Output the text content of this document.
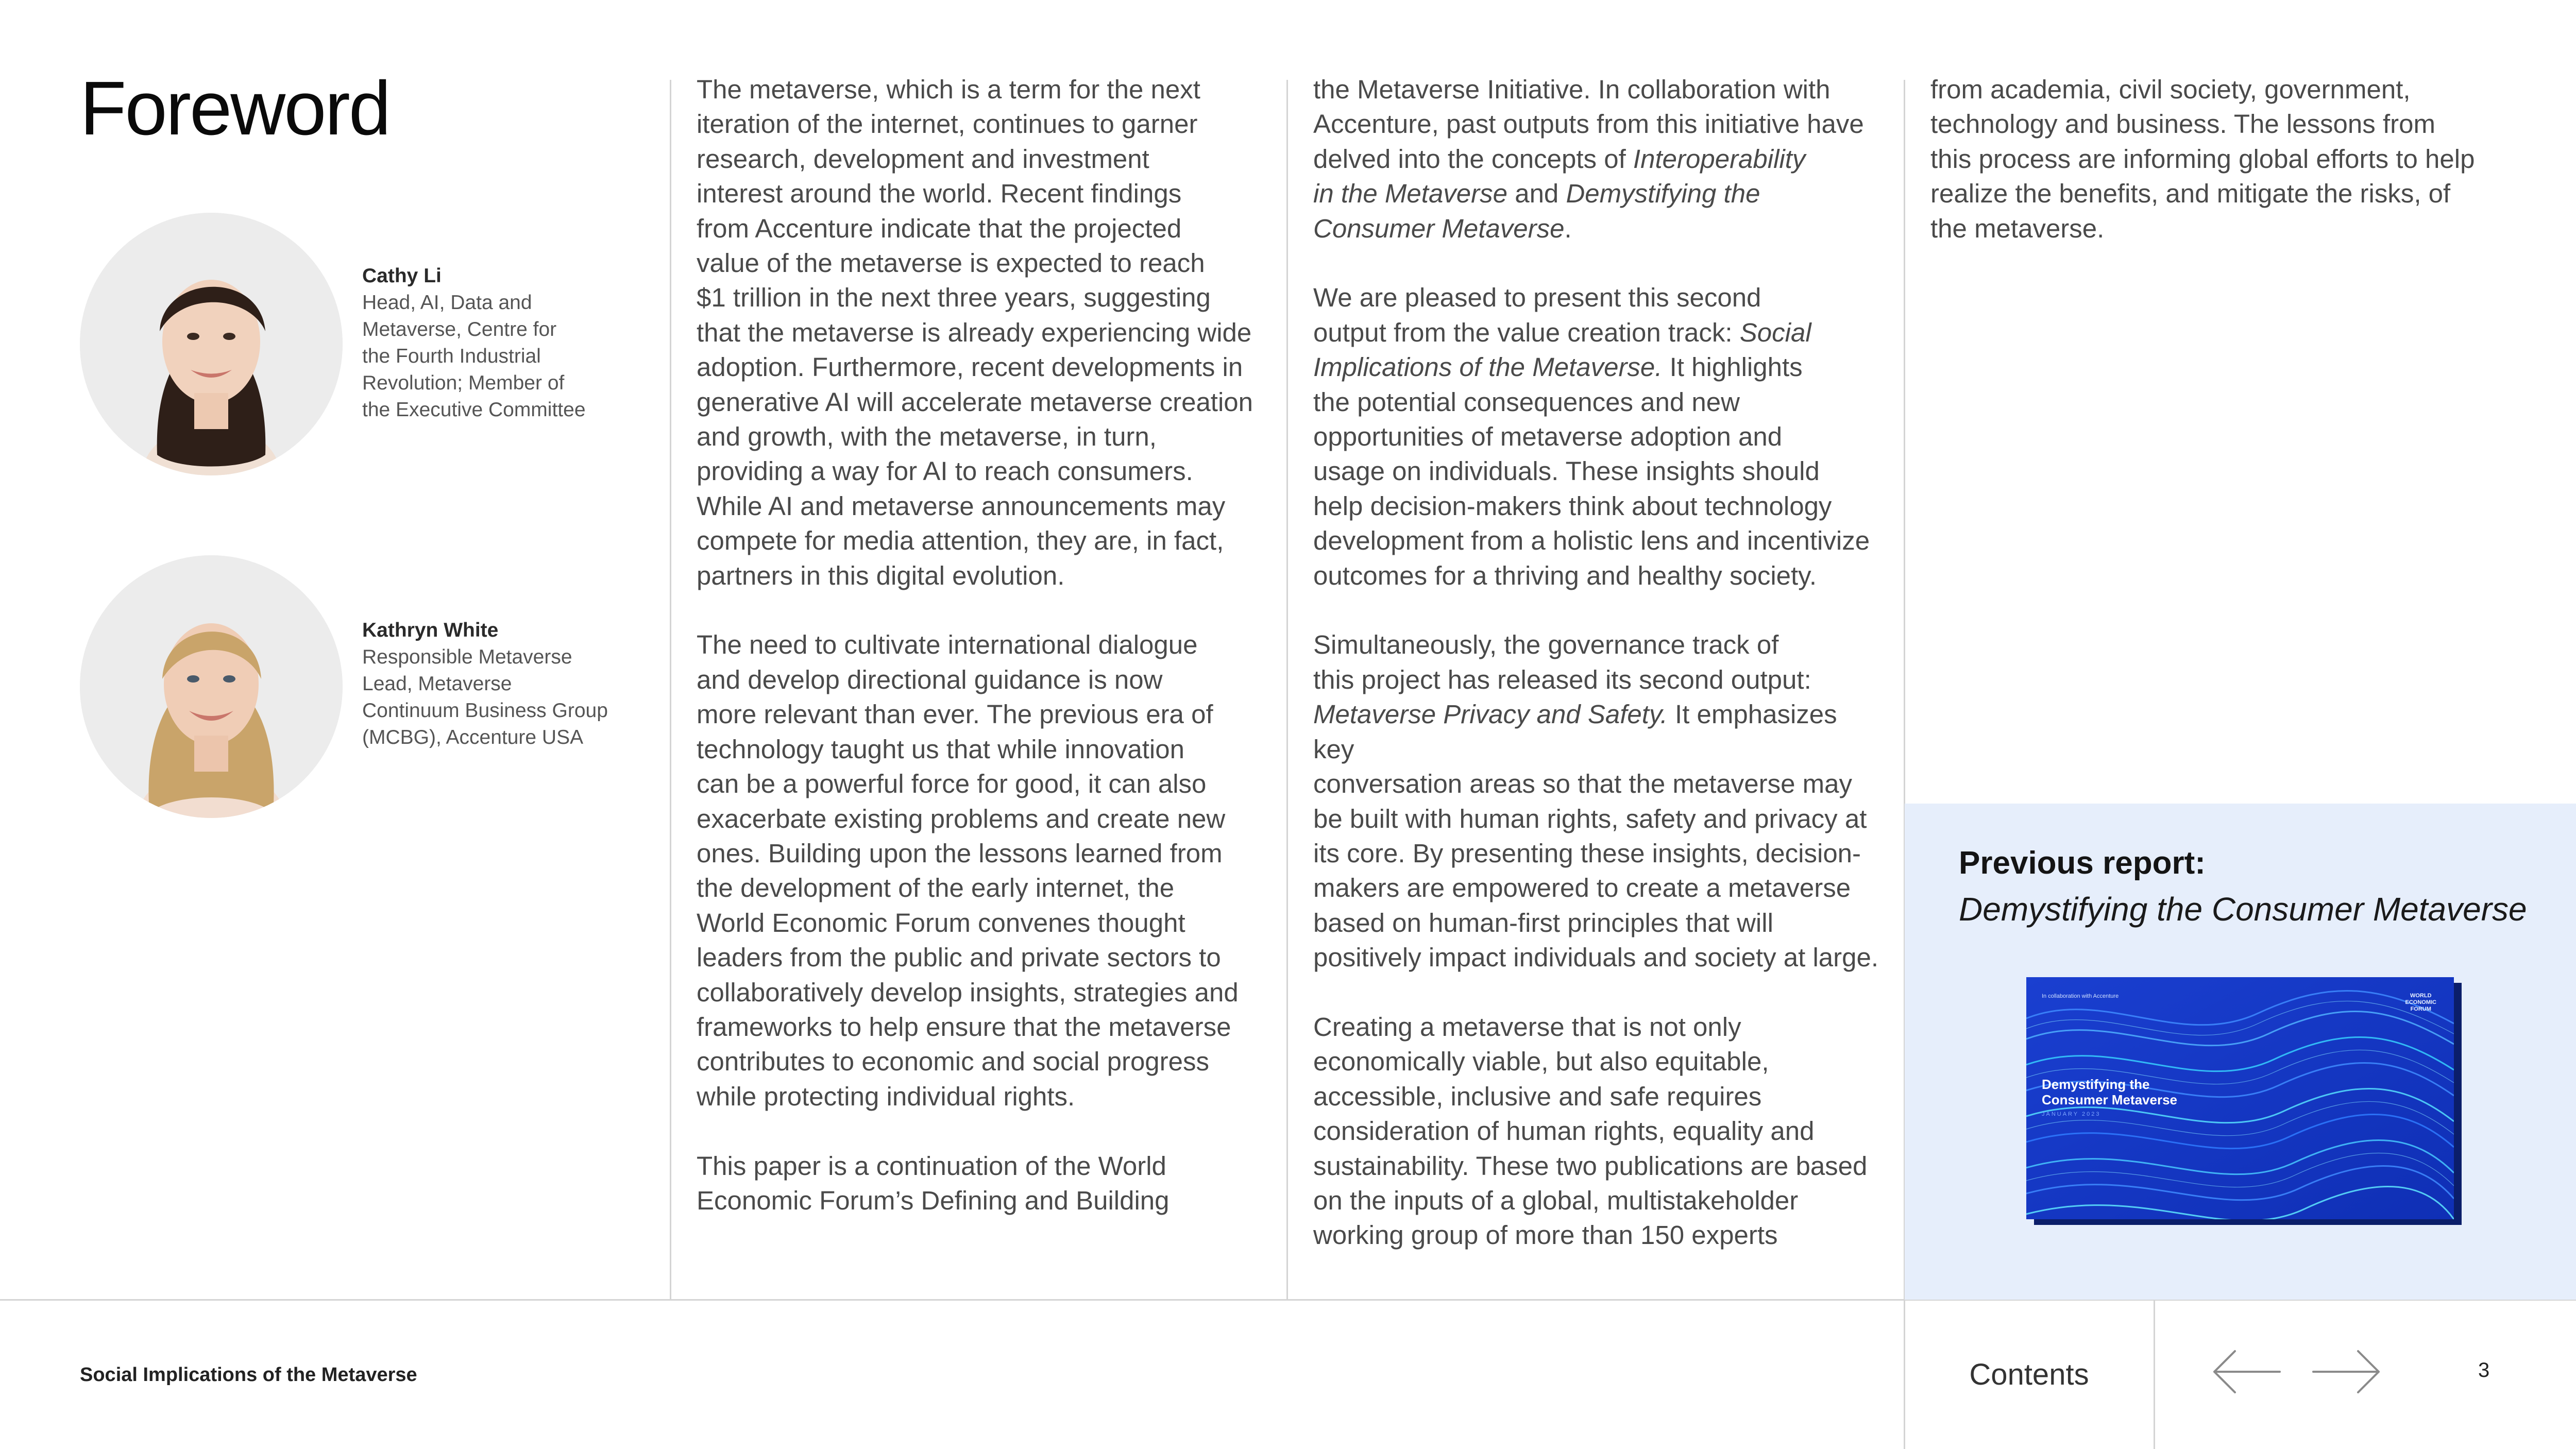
Foreword
Cathy Li
Head, AI, Data and
Metaverse, Centre for
the Fourth Industrial
Revolution; Member of
the Executive Committee
Kathryn White
Responsible Metaverse
Lead, Metaverse
Continuum Business Group
(MCBG), Accenture USA

The metaverse, which is a term for the next
iteration of the internet, continues to garner
research, development and investment
interest around the world. Recent findings
from Accenture indicate that the projected
value of the metaverse is expected to reach
$1 trillion in the next three years, suggesting
that the metaverse is already experiencing wide
adoption. Furthermore, recent developments in
generative AI will accelerate metaverse creation
and growth, with the metaverse, in turn,
providing a way for AI to reach consumers.
While AI and metaverse announcements may
compete for media attention, they are, in fact,
partners in this digital evolution.

The need to cultivate international dialogue
and develop directional guidance is now
more relevant than ever. The previous era of
technology taught us that while innovation
can be a powerful force for good, it can also
exacerbate existing problems and create new
ones. Building upon the lessons learned from
the development of the early internet, the
World Economic Forum convenes thought
leaders from the public and private sectors to
collaboratively develop insights, strategies and
frameworks to help ensure that the metaverse
contributes to economic and social progress
while protecting individual rights.

This paper is a continuation of the World
Economic Forum’s Defining and Building

the Metaverse Initiative. In collaboration with
Accenture, past outputs from this initiative have
delved into the concepts of Interoperability
in the Metaverse and Demystifying the
Consumer Metaverse.

We are pleased to present this second
output from the value creation track: Social
Implications of the Metaverse. It highlights
the potential consequences and new
opportunities of metaverse adoption and
usage on individuals. These insights should
help decision-makers think about technology
development from a holistic lens and incentivize
outcomes for a thriving and healthy society.

Simultaneously, the governance track of
this project has released its second output:
Metaverse Privacy and Safety. It emphasizes key
conversation areas so that the metaverse may
be built with human rights, safety and privacy at
its core. By presenting these insights, decision-
makers are empowered to create a metaverse
based on human-first principles that will
positively impact individuals and society at large.

Creating a metaverse that is not only
economically viable, but also equitable,
accessible, inclusive and safe requires
consideration of human rights, equality and
sustainability. These two publications are based
on the inputs of a global, multistakeholder
working group of more than 150 experts

from academia, civil society, government,
technology and business. The lessons from
this process are informing global efforts to help
realize the benefits, and mitigate the risks, of
the metaverse.

Previous report:
Demystifying the Consumer Metaverse
In collaboration with Accenture	WORLD
ECONOMIC
FORUM
Demystifying the
Consumer Metaverse
JANUARY 2023
Social Implications of the Metaverse	Contents	3
